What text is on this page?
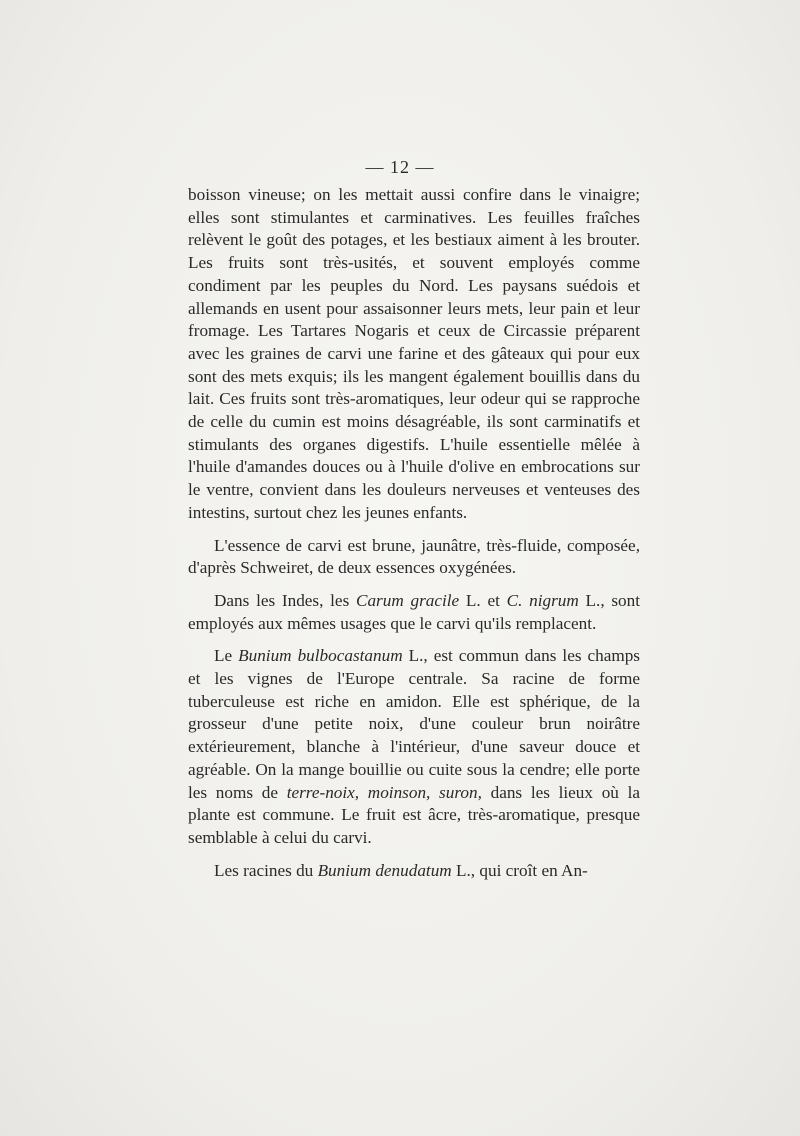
— 12 —

boisson vineuse; on les mettait aussi confire dans le vinaigre; elles sont stimulantes et carminatives. Les feuilles fraîches relèvent le goût des potages, et les bestiaux aiment à les brouter. Les fruits sont très-usités, et souvent employés comme condiment par les peuples du Nord. Les paysans suédois et allemands en usent pour assaisonner leurs mets, leur pain et leur fromage. Les Tartares Nogaris et ceux de Circassie préparent avec les graines de carvi une farine et des gâteaux qui pour eux sont des mets exquis; ils les mangent également bouillis dans du lait. Ces fruits sont très-aromatiques, leur odeur qui se rapproche de celle du cumin est moins désagréable, ils sont carminatifs et stimulants des organes digestifs. L'huile essentielle mêlée à l'huile d'amandes douces ou à l'huile d'olive en embrocations sur le ventre, convient dans les douleurs nerveuses et venteuses des intestins, surtout chez les jeunes enfants.

L'essence de carvi est brune, jaunâtre, très-fluide, composée, d'après Schweiret, de deux essences oxygénées.

Dans les Indes, les Carum gracile L. et C. nigrum L., sont employés aux mêmes usages que le carvi qu'ils remplacent.

Le Bunium bulbocastanum L., est commun dans les champs et les vignes de l'Europe centrale. Sa racine de forme tuberculeuse est riche en amidon. Elle est sphérique, de la grosseur d'une petite noix, d'une couleur brun noirâtre extérieurement, blanche à l'intérieur, d'une saveur douce et agréable. On la mange bouillie ou cuite sous la cendre; elle porte les noms de terre-noix, moinson, suron, dans les lieux où la plante est commune. Le fruit est âcre, très-aromatique, presque semblable à celui du carvi.

Les racines du Bunium denudatum L., qui croît en An-
